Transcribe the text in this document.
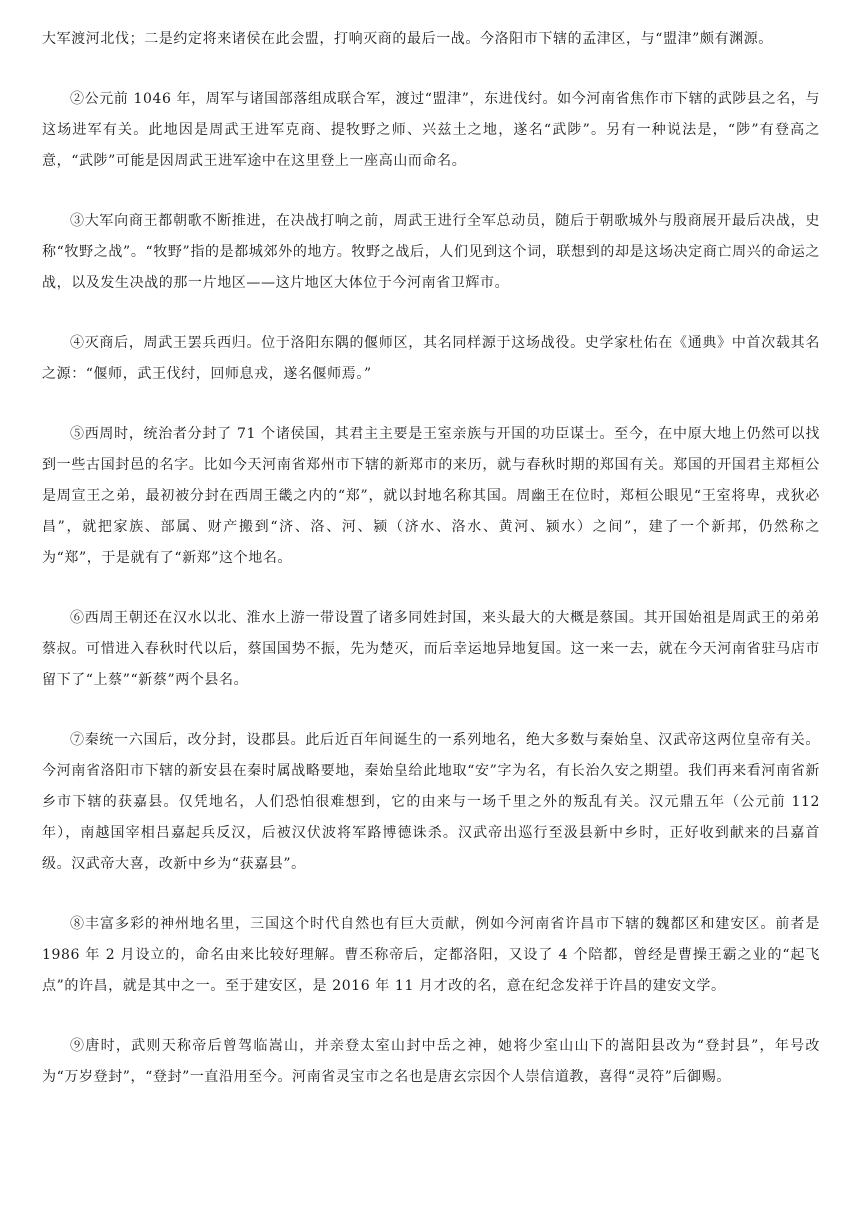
大军渡河北伐；二是约定将来诸侯在此会盟，打响灭商的最后一战。今洛阳市下辖的孟津区，与“盟津”颇有渊源。

②公元前 1046 年，周军与诸国部落组成联合军，渡过“盟津”，东进伐纣。如今河南省焦作市下辖的武陟县之名，与这场进军有关。此地因是周武王进军克商、提牧野之师、兴兹土之地，遂名“武陟”。另有一种说法是，“陟”有登高之意，“武陟”可能是因周武王进军途中在这里登上一座高山而命名。

③大军向商王都朝歌不断推进，在决战打响之前，周武王进行全军总动员，随后于朝歌城外与殷商展开最后决战，史称“牧野之战”。“牧野”指的是都城郊外的地方。牧野之战后，人们见到这个词，联想到的却是这场决定商亡周兴的命运之战，以及发生决战的那一片地区——这片地区大体位于今河南省卫辉市。

④灭商后，周武王罢兵西归。位于洛阳东隅的偃师区，其名同样源于这场战役。史学家杜佑在《通典》中首次载其名之源：“偃师，武王伐纣，回师息戎，遂名偃师焉。”

⑤西周时，统治者分封了 71 个诸侯国，其君主主要是王室亲族与开国的功臣谋士。至今，在中原大地上仍然可以找到一些古国封邑的名字。比如今天河南省郑州市下辖的新郑市的来历，就与春秋时期的郑国有关。郑国的开国君主郑桓公是周宣王之弟，最初被分封在西周王畿之内的“郑”，就以封地名称其国。周幽王在位时，郑桓公眼见“王室将卑，戎狄必昌”，就把家族、部属、财产搬到“济、洛、河、颍（济水、洛水、黄河、颍水）之间”，建了一个新邦，仍然称之为“郑”，于是就有了“新郑”这个地名。

⑥西周王朝还在汉水以北、淮水上游一带设置了诸多同姓封国，来头最大的大概是蔡国。其开国始祖是周武王的弟弟蔡叔。可惜进入春秋时代以后，蔡国国势不振，先为楚灭，而后幸运地异地复国。这一来一去，就在今天河南省驻马店市留下了“上蔡”“新蔡”两个县名。

⑦秦统一六国后，改分封，设郡县。此后近百年间诞生的一系列地名，绝大多数与秦始皇、汉武帝这两位皇帝有关。今河南省洛阳市下辖的新安县在秦时属战略要地，秦始皇给此地取“安”字为名，有长治久安之期望。我们再来看河南省新乡市下辖的获嘉县。仅凭地名，人们恐怕很难想到，它的由来与一场千里之外的叛乱有关。汉元鼎五年（公元前 112 年），南越国宰相吕嘉起兵反汉，后被汉伏波将军路博德诛杀。汉武帝出巡行至汲县新中乡时，正好收到献来的吕嘉首级。汉武帝大喜，改新中乡为“获嘉县”。

⑧丰富多彩的神州地名里，三国这个时代自然也有巨大贡献，例如今河南省许昌市下辖的魏都区和建安区。前者是 1986 年 2 月设立的，命名由来比较好理解。曹丕称帝后，定都洛阳，又设了 4 个陪都，曾经是曹操王霸之业的“起飞点”的许昌，就是其中之一。至于建安区，是 2016 年 11 月才改的名，意在纪念发祥于许昌的建安文学。

⑨唐时，武则天称帝后曾驾临嵩山，并亲登太室山封中岳之神，她将少室山山下的嵩阳县改为“登封县”，年号改为“万岁登封”，“登封”一直沿用至今。河南省灵宝市之名也是唐玄宗因个人崇信道教，喜得“灵符”后御赐。
